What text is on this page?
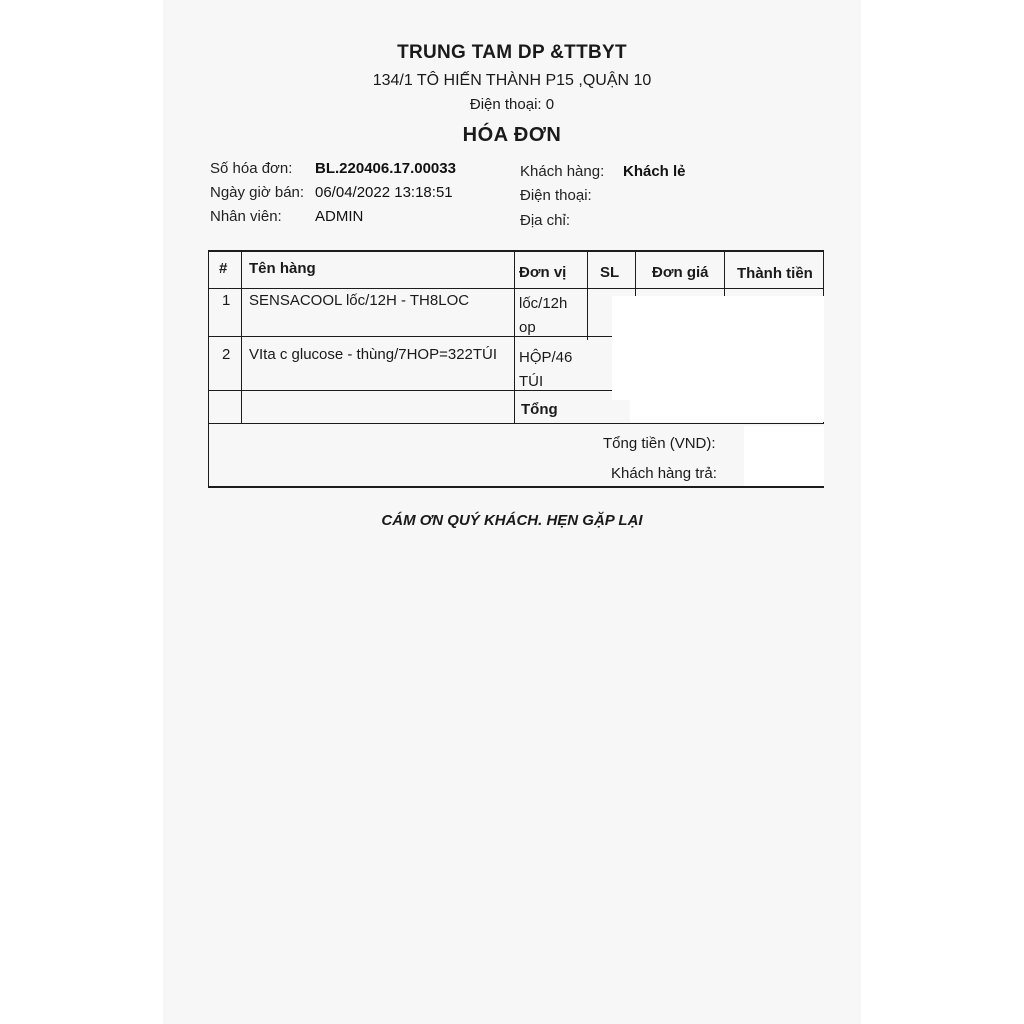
TRUNG TAM DP &TTBYT
134/1 TÔ HIẾN THÀNH P15 ,QUẬN 10
Điện thoại: 0
HÓA ĐƠN
Số hóa đơn: BL.220406.17.00033
Ngày giờ bán: 06/04/2022 13:18:51
Nhân viên: ADMIN
Khách hàng: Khách lẻ
Điện thoại:
Địa chỉ:
# Tên hàng	Đơn vị SL Đơn giá Thành tiền
1 SENSACOOL lốc/12H - TH8LOC	lốc/12h op
2 VIta c glucose - thùng/7HOP=322TÚI HỘP/46 TÚI
Tổng
Tổng tiền (VND):
Khách hàng trả:
CÁM ƠN QUÝ KHÁCH. HẸN GẶP LẠI
